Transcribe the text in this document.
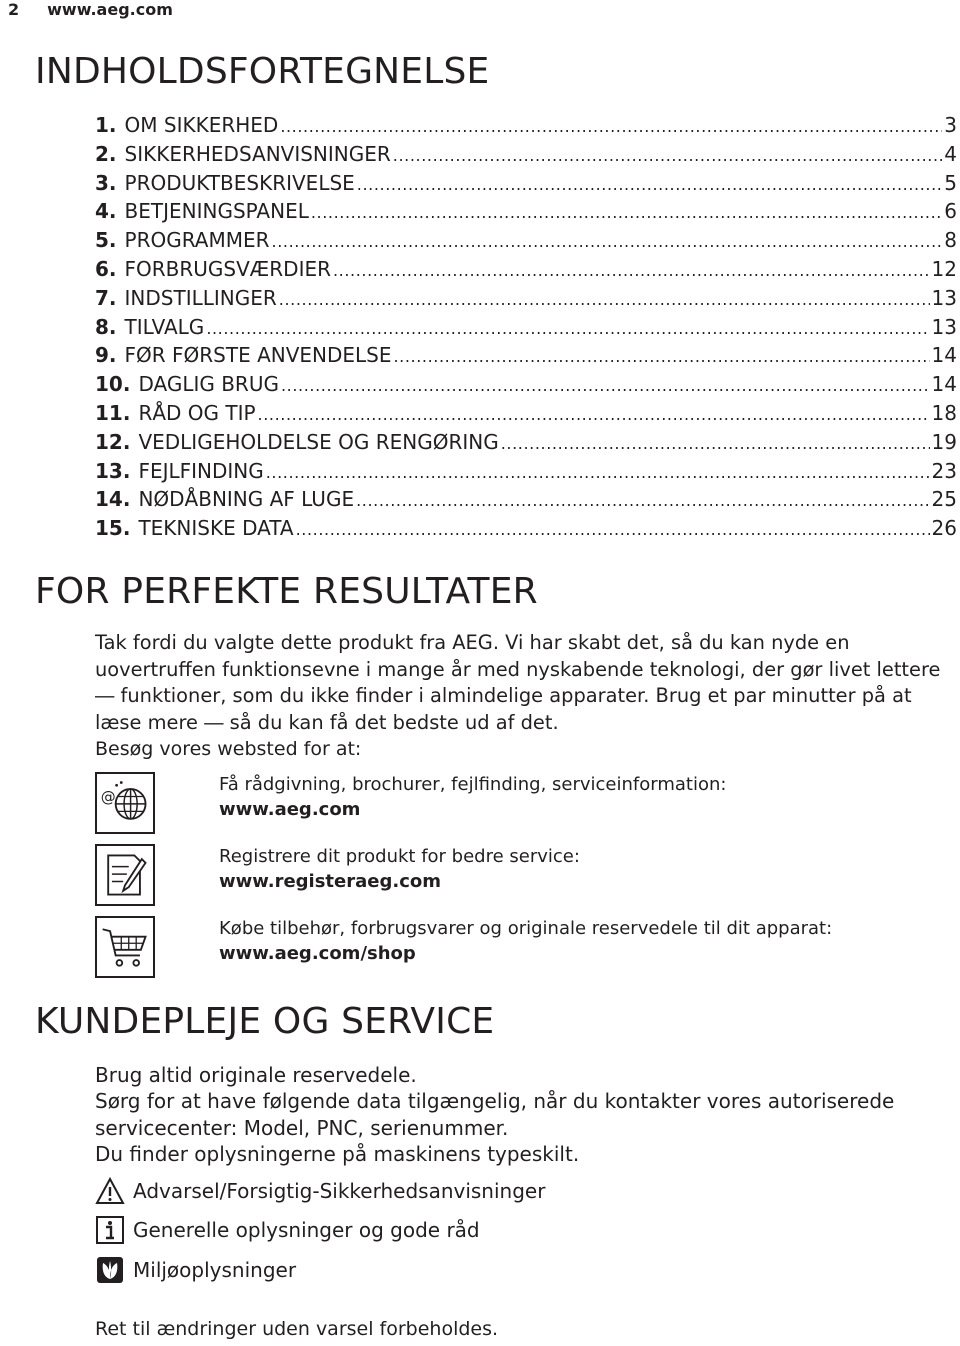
2 www.aeg.com
INDHOLDSFORTEGNELSE
1. OM SIKKERHED .....	3
2. SIKKERHEDSANVISNINGER .....	4
3. PRODUKTBESKRIVELSE .....	5
4. BETJENINGSPANEL .....	6
5. PROGRAMMER .....	8
6. FORBRUGSVÆRDIER .....	12
7. INDSTILLINGER .....	13
8. TILVALG .....	13
9. FØR FØRSTE ANVENDELSE .....	14
10. DAGLIG BRUG .....	14
11. RÅD OG TIP .....	18
12. VEDLIGEHOLDELSE OG RENGØRING .....	19
13. FEJLFINDING .....	23
14. NØDÅBNING AF LUGE .....	25
15. TEKNISKE DATA .....	26
FOR PERFEKTE RESULTATER

Tak fordi du valgte dette produkt fra AEG. Vi har skabt det, så du kan nyde en uovertruffen funktionsevne i mange år med nyskabende teknologi, der gør livet lettere ― funktioner, som du ikke finder i almindelige apparater. Brug et par minutter på at læse mere ― så du kan få det bedste ud af det.

Besøg vores websted for at:

@
Få rådgivning, brochurer, fejlfinding, serviceinformation:
www.aeg.com
Registrere dit produkt for bedre service:
www.registeraeg.com
Købe tilbehør, forbrugsvarer og originale reservedele til dit apparat:
www.aeg.com/shop
KUNDEPLEJE OG SERVICE

Brug altid originale reservedele.

Sørg for at have følgende data tilgængelig, når du kontakter vores autoriserede servicecenter: Model, PNC, serienummer.

Du finder oplysningerne på maskinens typeskilt.

Advarsel/Forsigtig-Sikkerhedsanvisninger
Generelle oplysninger og gode råd
Miljøoplysninger
Ret til ændringer uden varsel forbeholdes.
